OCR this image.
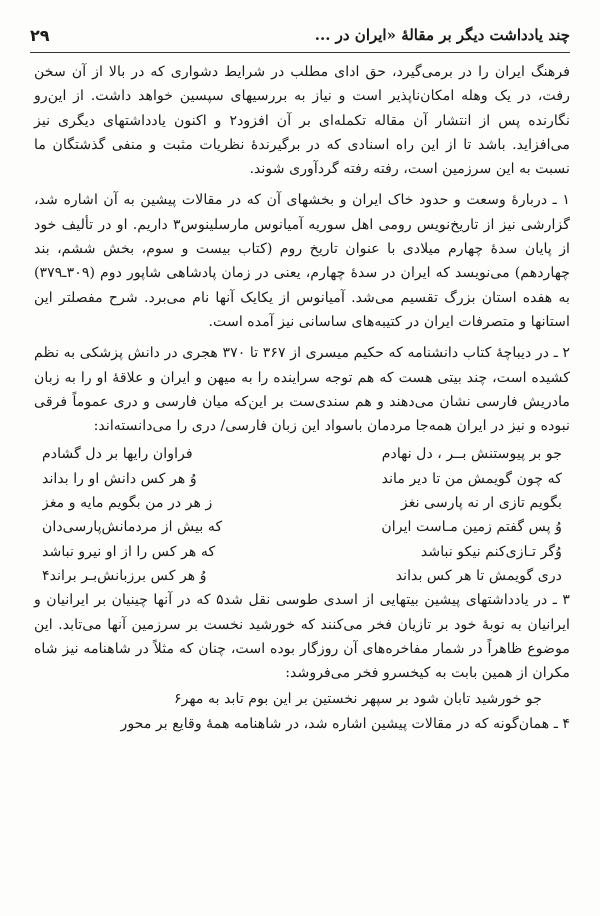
۲۹	چند یادداشت دیگر بر مقالهٔ «ایران در ...

فرهنگ ایران را در برمی‌گیرد، حق ادای مطلب در شرایط دشواری که در بالا از آن سخن رفت، در یک وهله امکان‌ناپذیر است و نیاز به بررسیهای سپسین خواهد داشت. از این‌رو نگارنده پس از انتشار آن مقاله تکمله‌ای بر آن افزود۲ و اکنون یادداشتهای دیگری نیز می‌افزاید. باشد تا از این راه اسنادی که در برگیرندهٔ نظریات مثبت و منفی گذشتگان ما نسبت به این سرزمین است، رفته رفته گردآوری شوند.

۱ ـ دربارهٔ وسعت و حدود خاک ایران و بخشهای آن که در مقالات پیشین به آن اشاره شد، گزارشی نیز از تاریخ‌نویس رومی اهل سوریه آمیانوس مارسلینوس۳ داریم. او در تألیف خود از پایان سدهٔ چهارم میلادی با عنوان تاریخ روم (کتاب بیست و سوم، بخش ششم، بند چهاردهم) می‌نویسد که ایران در سدهٔ چهارم، یعنی در زمان پادشاهی شاپور دوم (۳۰۹ـ۳۷۹) به هفده استان بزرگ تقسیم می‌شد. آمیانوس از یکایک آنها نام می‌برد. شرح مفصلتر این استانها و متصرفات ایران در کتیبه‌های ساسانی نیز آمده است.

۲ ـ در دیباچهٔ کتاب دانشنامه که حکیم میسری از ۳۶۷ تا ۳۷۰ هجری در دانش پزشکی به نظم کشیده است، چند بیتی هست که هم توجه سراینده را به میهن و ایران و علاقهٔ او را به زبان مادریش فارسی نشان می‌دهند و هم سندی‌ست بر این‌که میان فارسی و دری عموماً فرقی نبوده و نیز در ایران همه‌جا مردمان باسواد این زبان فارسی/ دری را می‌دانسته‌اند:

جو بر پیوستنش بــر ، دل نهادم
فراوان رایها بر دل گشادم
که چون گویمش من تا دیر ماند
وُ هر کس دانش او را بداند
بگویم تازی ار نه پارسی نغز
ز هر در من بگویم مایه و مغز
وُ پس گفتم زمین مـاست ایران
که بیش از مردمانش‌پارسی‌دان
وُگر تـازی‌کنم نیکو نباشد
که هر کس را از او نیرو نباشد
دری گویمش تا هر کس بداند
وُ هر کس برزبانش‌بـر براند۴

۳ ـ در یادداشتهای پیشین بیتهایی از اسدی طوسی نقل شد۵ که در آنها چینیان بر ایرانیان و ایرانیان به نوبهٔ خود بر تازیان فخر می‌کنند که خورشید نخست بر سرزمین آنها می‌تابد. این موضوع ظاهراً در شمار مفاخره‌های آن روزگار بوده است، چنان که مثلاً در شاهنامه نیز شاه مکران از همین بابت به کیخسرو فخر می‌فروشد:

جو خورشید تابان شود بر سپهر نخستین بر این بوم تابد به مهر۶

۴ ـ همان‌گونه که در مقالات پیشین اشاره شد، در شاهنامه همهٔ وقایع بر محور
